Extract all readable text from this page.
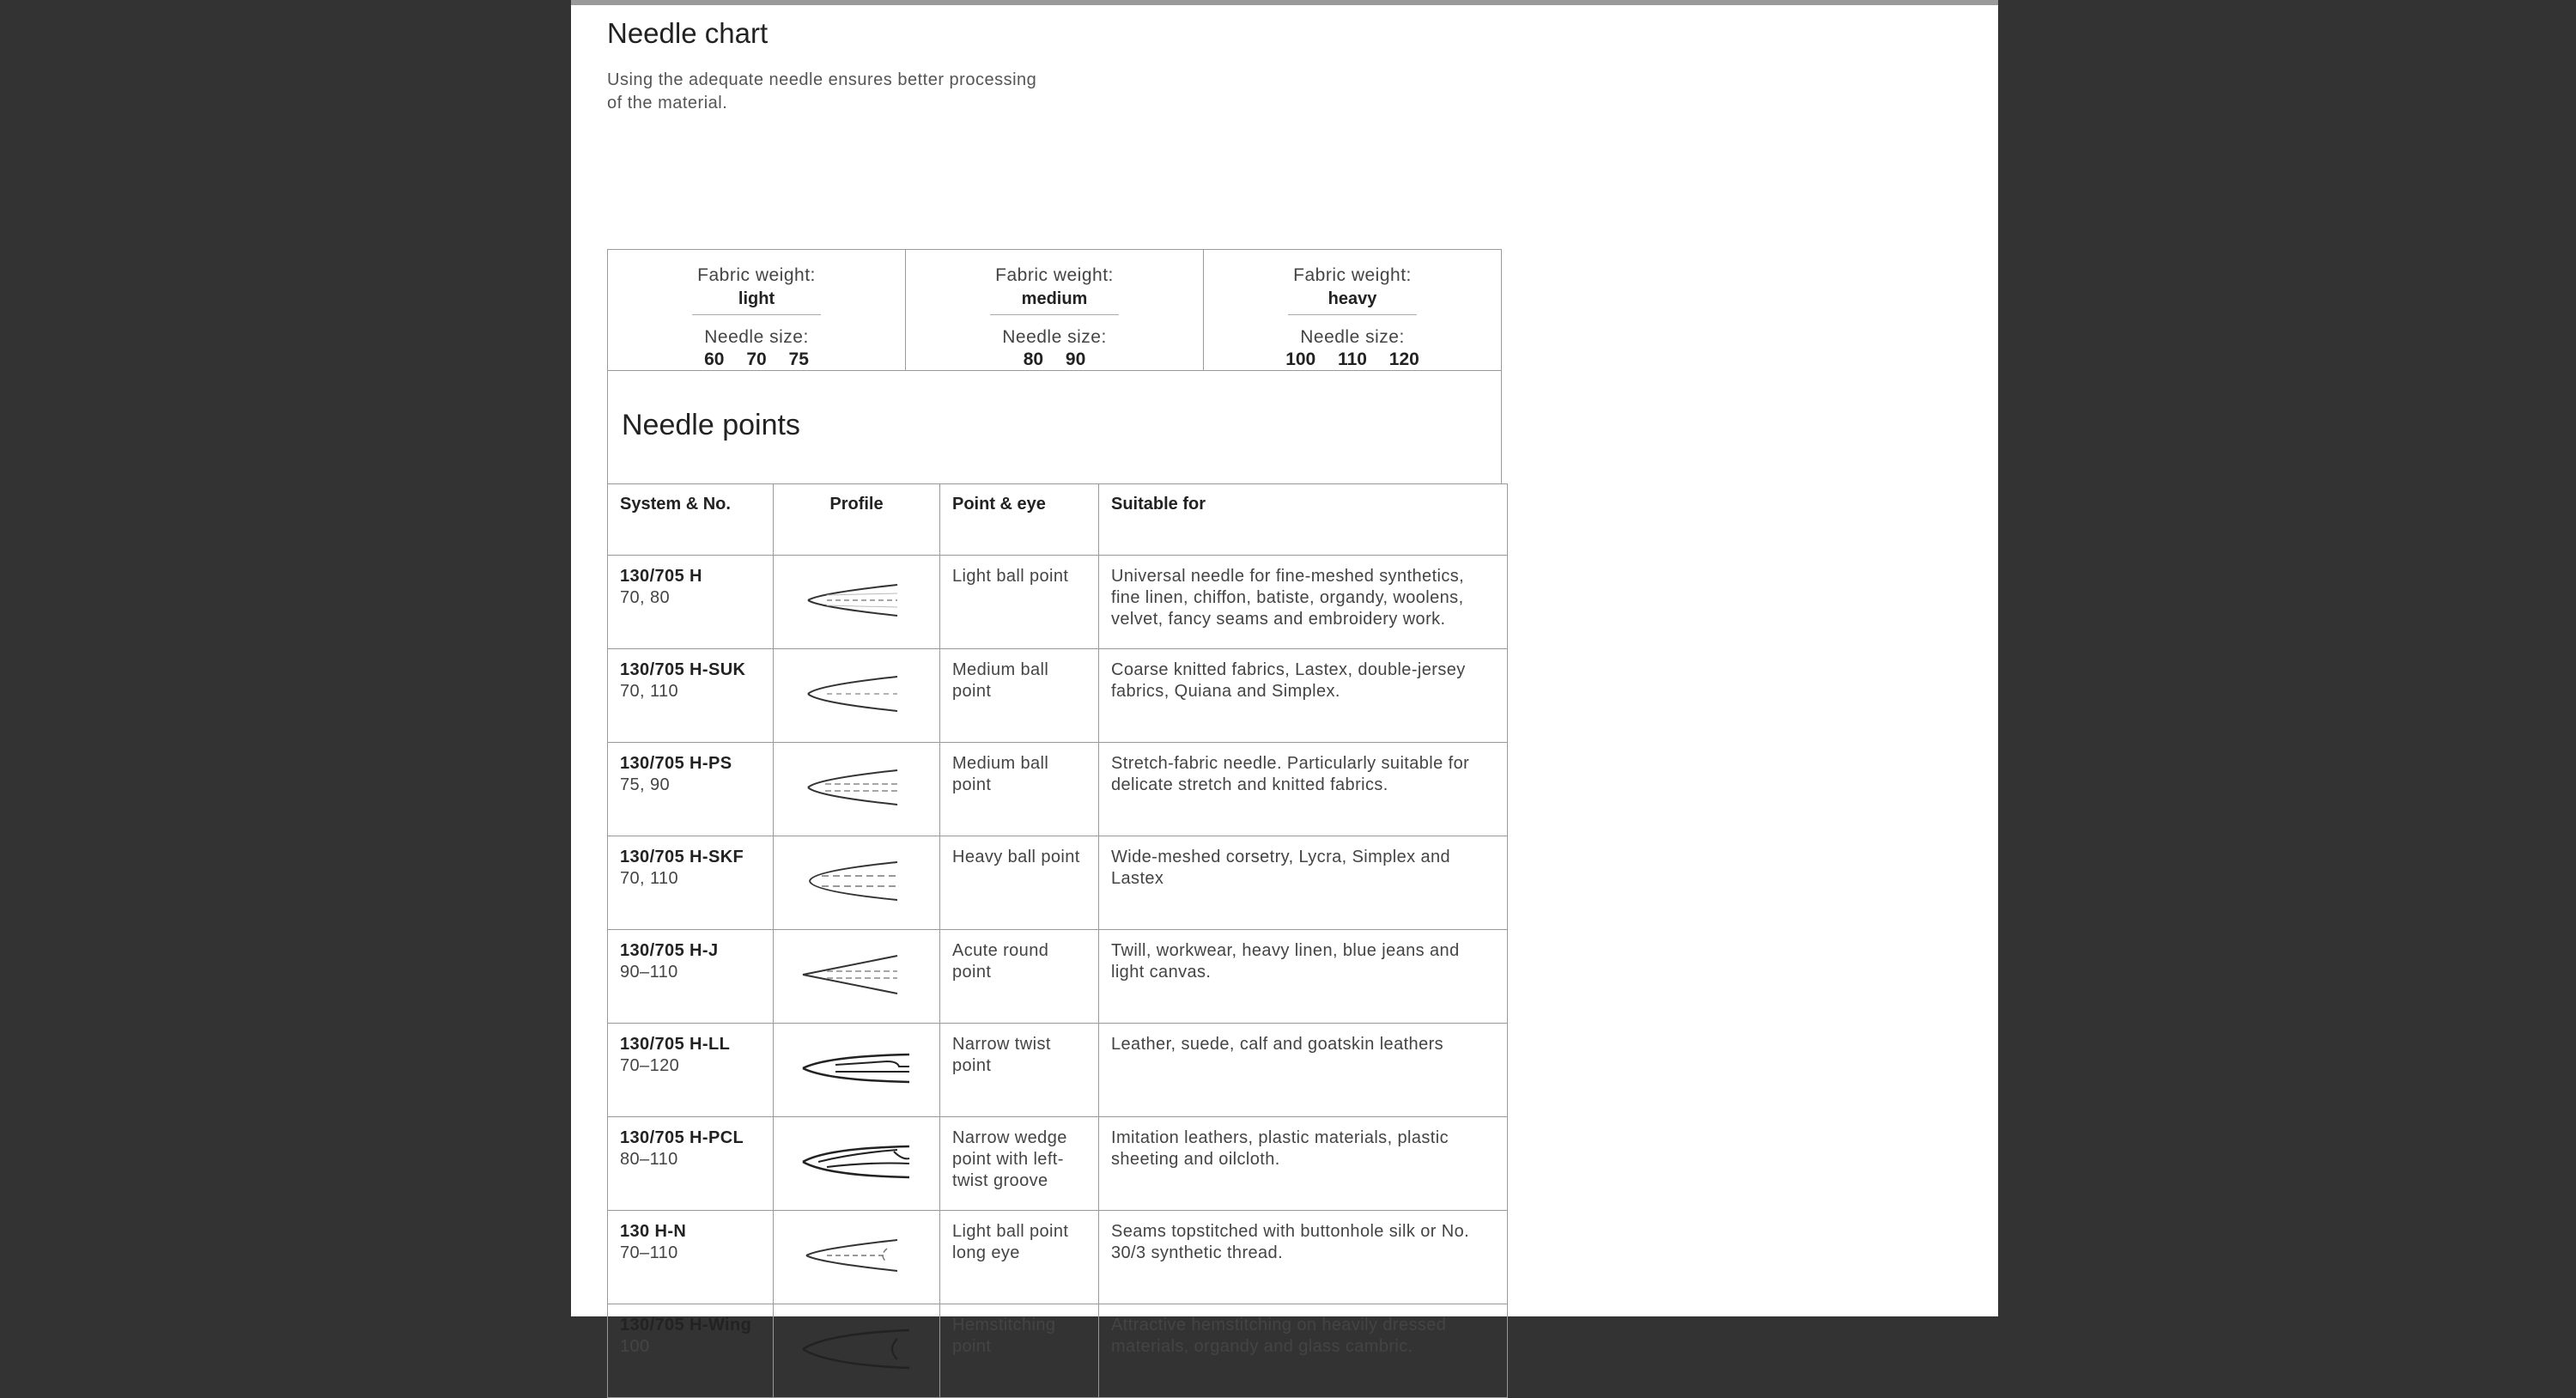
Needle chart
Using the adequate needle ensures better processing of the material.
Fabric weight:
light
Needle size:
60 70 75
Fabric weight:
medium
Needle size:
80 90
Fabric weight:
heavy
Needle size:
100 110 120
Needle points
System & No.	Profile	Point & eye	Suitable for

130/705 H
70, 80		Light ball point	Universal needle for fine-meshed synthetics, fine linen, chiffon, batiste, organdy, woolens, velvet, fancy seams and embroidery work.

130/705 H-SUK
70, 110		Medium ball point	Coarse knitted fabrics, Lastex, double-jersey fabrics, Quiana and Simplex.

130/705 H-PS
75, 90		Medium ball point	Stretch-fabric needle. Particularly suitable for delicate stretch and knitted fabrics.

130/705 H-SKF
70, 110		Heavy ball point	Wide-meshed corsetry, Lycra, Simplex and Lastex

130/705 H-J
90–110		Acute round point	Twill, workwear, heavy linen, blue jeans and light canvas.

130/705 H-LL
70–120		Narrow twist point	Leather, suede, calf and goatskin leathers

130/705 H-PCL
80–110		Narrow wedge point with left-twist groove	Imitation leathers, plastic materials, plastic sheeting and oilcloth.

130 H-N
70–110		Light ball point long eye	Seams topstitched with buttonhole silk or No. 30/3 synthetic thread.

130/705 H-Wing
100		Hemstitching point	Attractive hemstitching on heavily dressed materials, organdy and glass cambric.
